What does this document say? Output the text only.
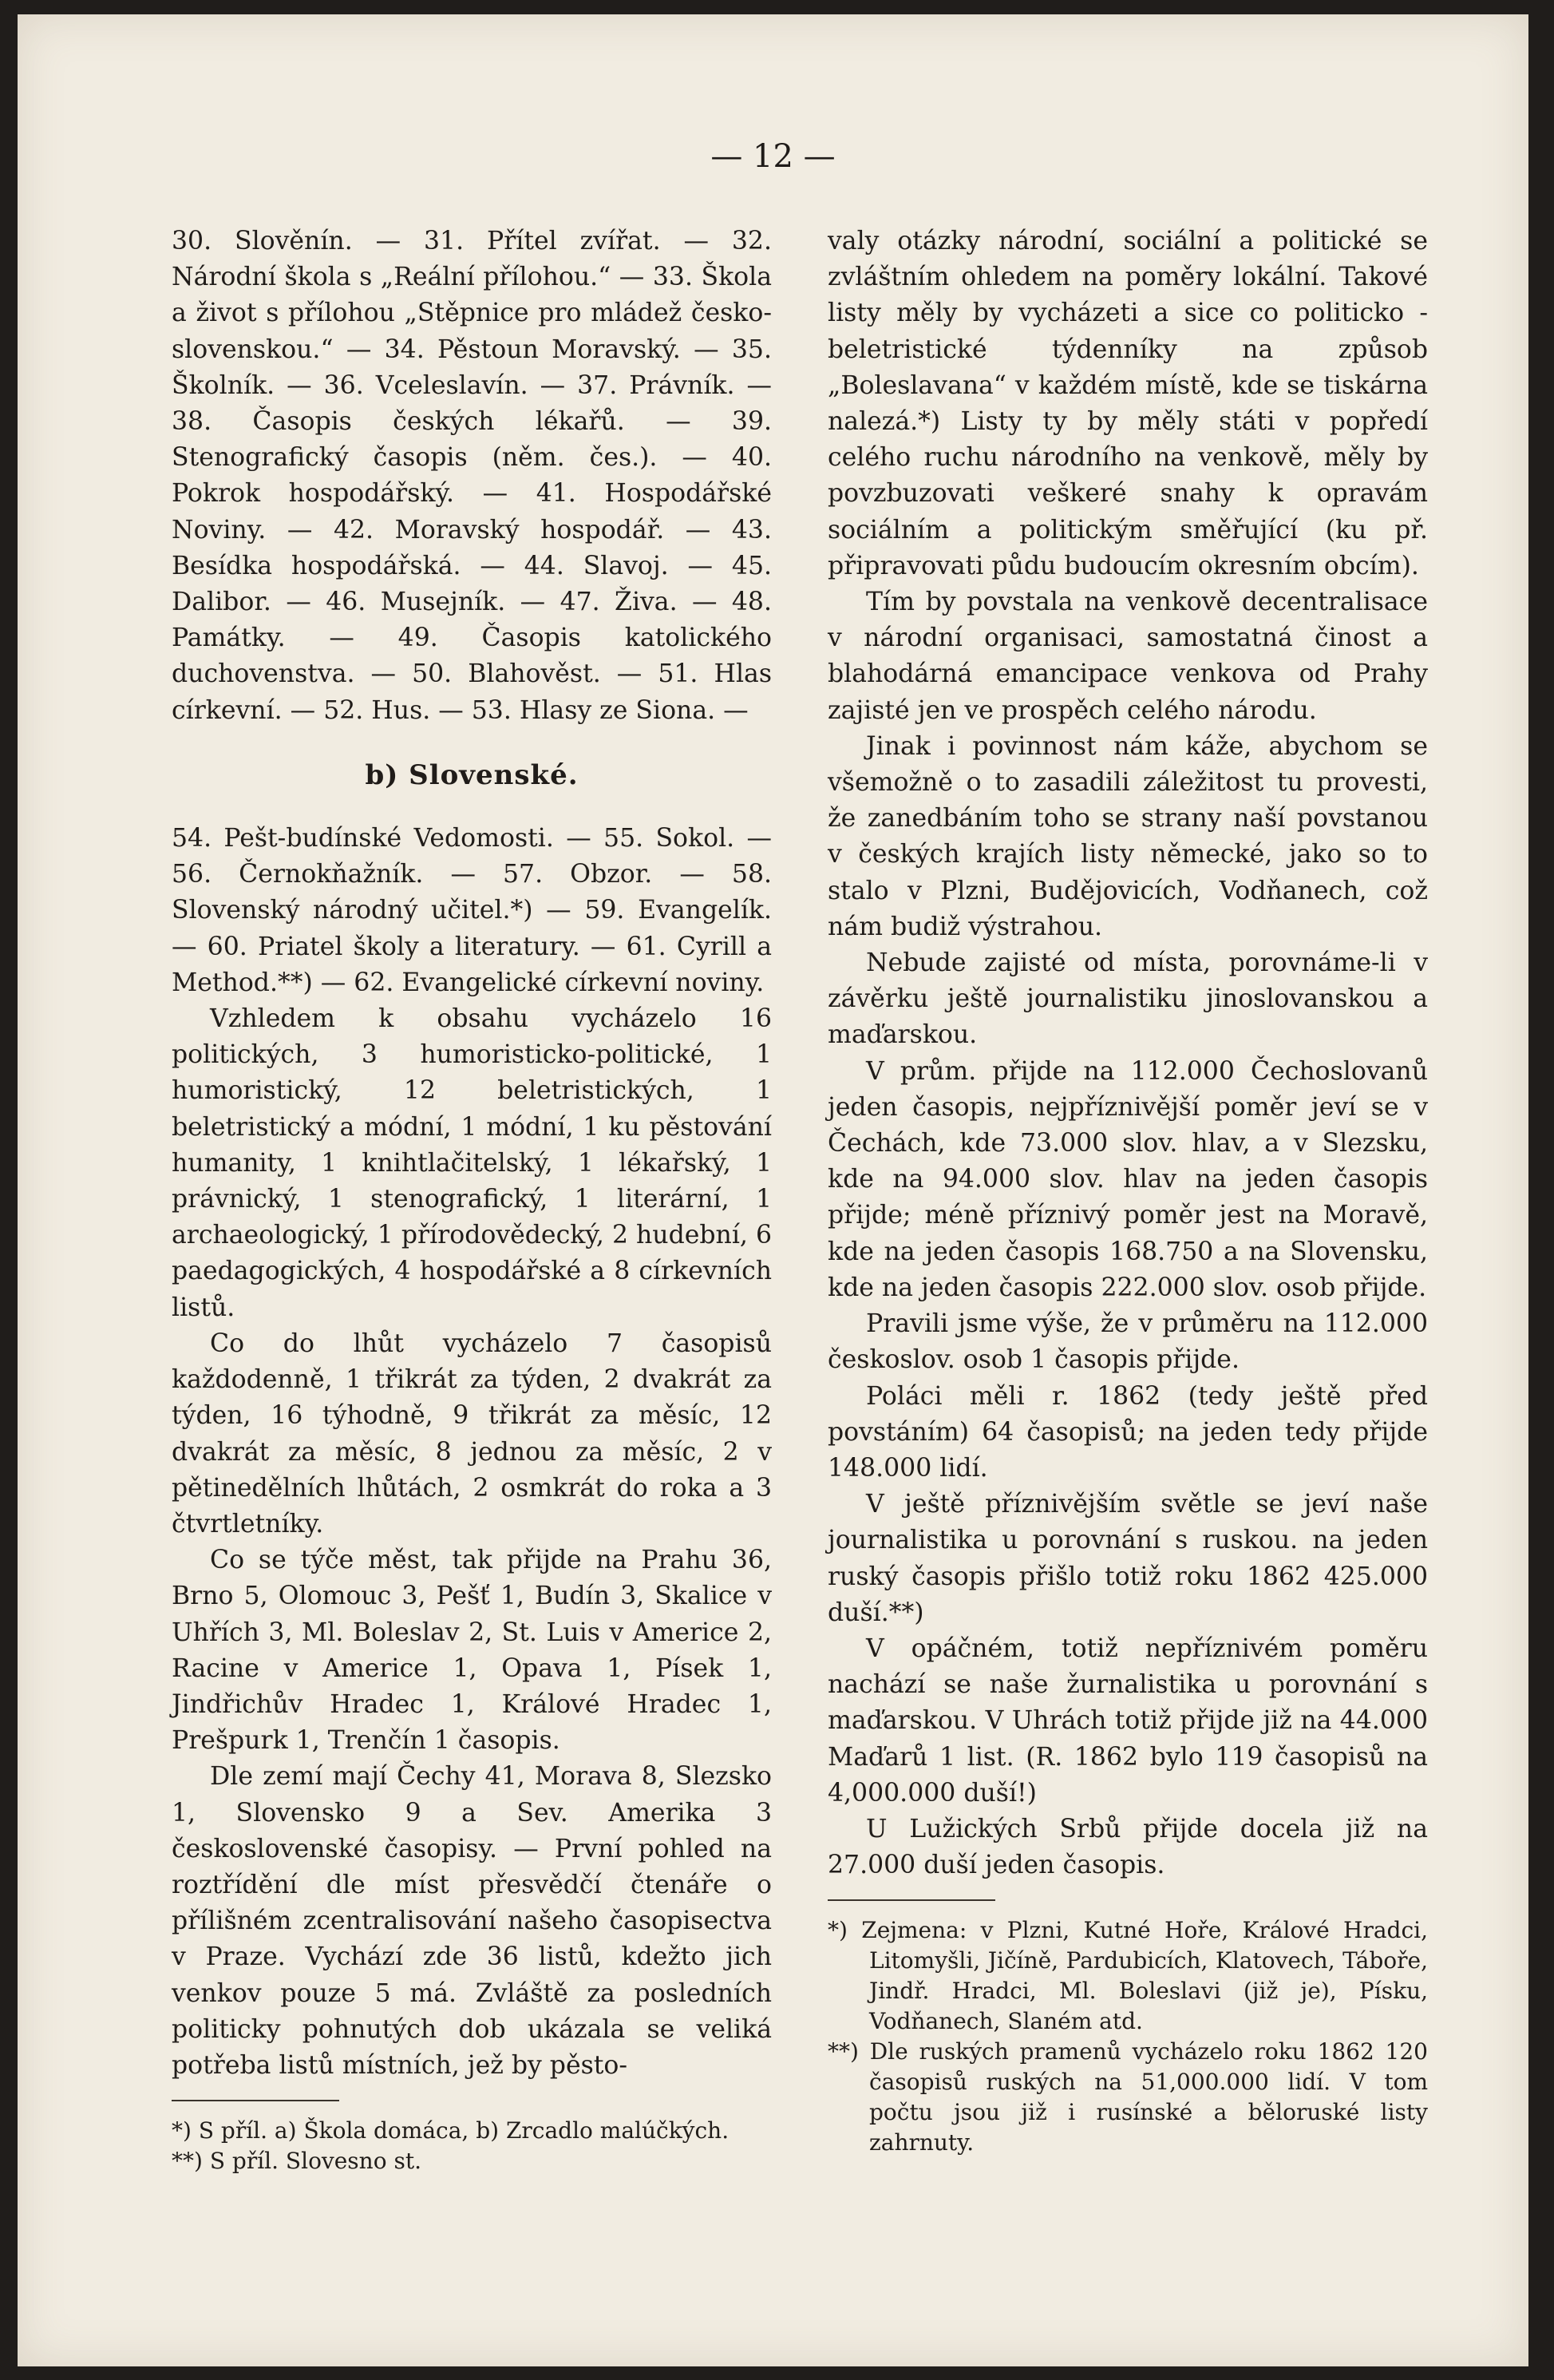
— 12 —

30. Slověnín. — 31. Přítel zvířat. — 32. Národní škola s „Reální přílohou.“ — 33. Škola a život s přílohou „Stěpnice pro mládež česko-slovenskou.“ — 34. Pěstoun Moravský. — 35. Školník. — 36. Vceleslavín. — 37. Právník. — 38. Časopis českých lékařů. — 39. Stenografický časopis (něm. čes.). — 40. Pokrok hospodářský. — 41. Hospodářské Noviny. — 42. Moravský hospodář. — 43. Besídka hospodářská. — 44. Slavoj. — 45. Dalibor. — 46. Musejník. — 47. Živa. — 48. Památky. — 49. Časopis katolického duchovenstva. — 50. Blahověst. — 51. Hlas církevní. — 52. Hus. — 53. Hlasy ze Siona. —

b) Slovenské.

54. Pešt-budínské Vedomosti. — 55. Sokol. — 56. Černokňažník. — 57. Obzor. — 58. Slovenský národný učitel.*) — 59. Evangelík. — 60. Priatel školy a literatury. — 61. Cyrill a Method.**) — 62. Evangelické církevní noviny.

Vzhledem k obsahu vycházelo 16 politických, 3 humoristicko-politické, 1 humoristický, 12 beletristických, 1 beletristický a módní, 1 módní, 1 ku pěstování humanity, 1 knihtlačitelský, 1 lékařský, 1 právnický, 1 stenografický, 1 literární, 1 archaeologický, 1 přírodovědecký, 2 hudební, 6 paedagogických, 4 hospodářské a 8 církevních listů.

Co do lhůt vycházelo 7 časopisů každodenně, 1 třikrát za týden, 2 dvakrát za týden, 16 týhodně, 9 třikrát za měsíc, 12 dvakrát za měsíc, 8 jednou za měsíc, 2 v pětinedělních lhůtách, 2 osmkrát do roka a 3 čtvrtletníky.

Co se týče měst, tak přijde na Prahu 36, Brno 5, Olomouc 3, Pešť 1, Budín 3, Skalice v Uhřích 3, Ml. Boleslav 2, St. Luis v Americe 2, Racine v Americe 1, Opava 1, Písek 1, Jindřichův Hradec 1, Králové Hradec 1, Prešpurk 1, Trenčín 1 časopis.

Dle zemí mají Čechy 41, Morava 8, Slezsko 1, Slovensko 9 a Sev. Amerika 3 československé časopisy. — První pohled na roztřídění dle míst přesvědčí čtenáře o přílišném zcentralisování našeho časopisectva v Praze. Vychází zde 36 listů, kdežto jich venkov pouze 5 má. Zvláště za posledních politicky pohnutých dob ukázala se veliká potřeba listů místních, jež by pěsto-

*) S příl. a) Škola domáca, b) Zrcadlo malúčkých.

**) S příl. Slovesno st.

valy otázky národní, sociální a politické se zvláštním ohledem na poměry lokální. Takové listy měly by vycházeti a sice co politicko - beletristické týdenníky na způsob „Boleslavana“ v každém místě, kde se tiskárna nalezá.*) Listy ty by měly státi v popředí celého ruchu národního na venkově, měly by povzbuzovati veškeré snahy k opravám sociálním a politickým směřující (ku př. připravovati půdu budoucím okresním obcím).

Tím by povstala na venkově decentralisace v národní organisaci, samostatná činost a blahodárná emancipace venkova od Prahy zajisté jen ve prospěch celého národu.

Jinak i povinnost nám káže, abychom se všemožně o to zasadili záležitost tu provesti, že zanedbáním toho se strany naší povstanou v českých krajích listy německé, jako so to stalo v Plzni, Budějovicích, Vodňanech, což nám budiž výstrahou.

Nebude zajisté od místa, porovnáme-li v závěrku ještě journalistiku jinoslovanskou a maďarskou.

V prům. přijde na 112.000 Čechoslovanů jeden časopis, nejpříznivější poměr jeví se v Čechách, kde 73.000 slov. hlav, a v Slezsku, kde na 94.000 slov. hlav na jeden časopis přijde; méně příznivý poměr jest na Moravě, kde na jeden časopis 168.750 a na Slovensku, kde na jeden časopis 222.000 slov. osob přijde.

Pravili jsme výše, že v průměru na 112.000 českoslov. osob 1 časopis přijde.

Poláci měli r. 1862 (tedy ještě před povstáním) 64 časopisů; na jeden tedy přijde 148.000 lidí.

V ještě příznivějším světle se jeví naše journalistika u porovnání s ruskou. na jeden ruský časopis přišlo totiž roku 1862 425.000 duší.**)

V opáčném, totiž nepříznivém poměru nachází se naše žurnalistika u porovnání s maďarskou. V Uhrách totiž přijde již na 44.000 Maďarů 1 list. (R. 1862 bylo 119 časopisů na 4,000.000 duší!)

U Lužických Srbů přijde docela již na 27.000 duší jeden časopis.

*) Zejmena: v Plzni, Kutné Hoře, Králové Hradci, Litomyšli, Jičíně, Pardubicích, Klatovech, Táboře, Jindř. Hradci, Ml. Boleslavi (již je), Písku, Vodňanech, Slaném atd.

**) Dle ruských pramenů vycházelo roku 1862 120 časopisů ruských na 51,000.000 lidí. V tom počtu jsou již i rusínské a běloruské listy zahrnuty.
